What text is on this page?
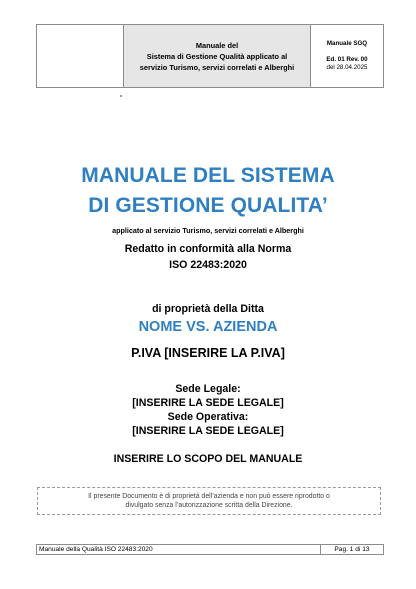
Manuale del
Sistema di Gestione Qualità applicato al
servizio Turismo, servizi correlati e Alberghi
Manuale SGQ
Ed. 01 Rev. 00
del 28.04.2025
MANUALE DEL SISTEMA
DI GESTIONE QUALITA’
applicato al servizio Turismo, servizi correlati e Alberghi
Redatto in conformità alla Norma
ISO 22483:2020
di proprietà della Ditta
NOME VS. AZIENDA
P.IVA [INSERIRE LA P.IVA]
Sede Legale:
[INSERIRE LA SEDE LEGALE]
Sede Operativa:
[INSERIRE LA SEDE LEGALE]
INSERIRE LO SCOPO DEL MANUALE
Il presente Documento è di proprietà dell’azienda e non può essere riprodotto o
divulgato senza l’autorizzazione scritta della Direzione.
Manuale della Qualità ISO 22483:2020	Pag. 1 di 13
